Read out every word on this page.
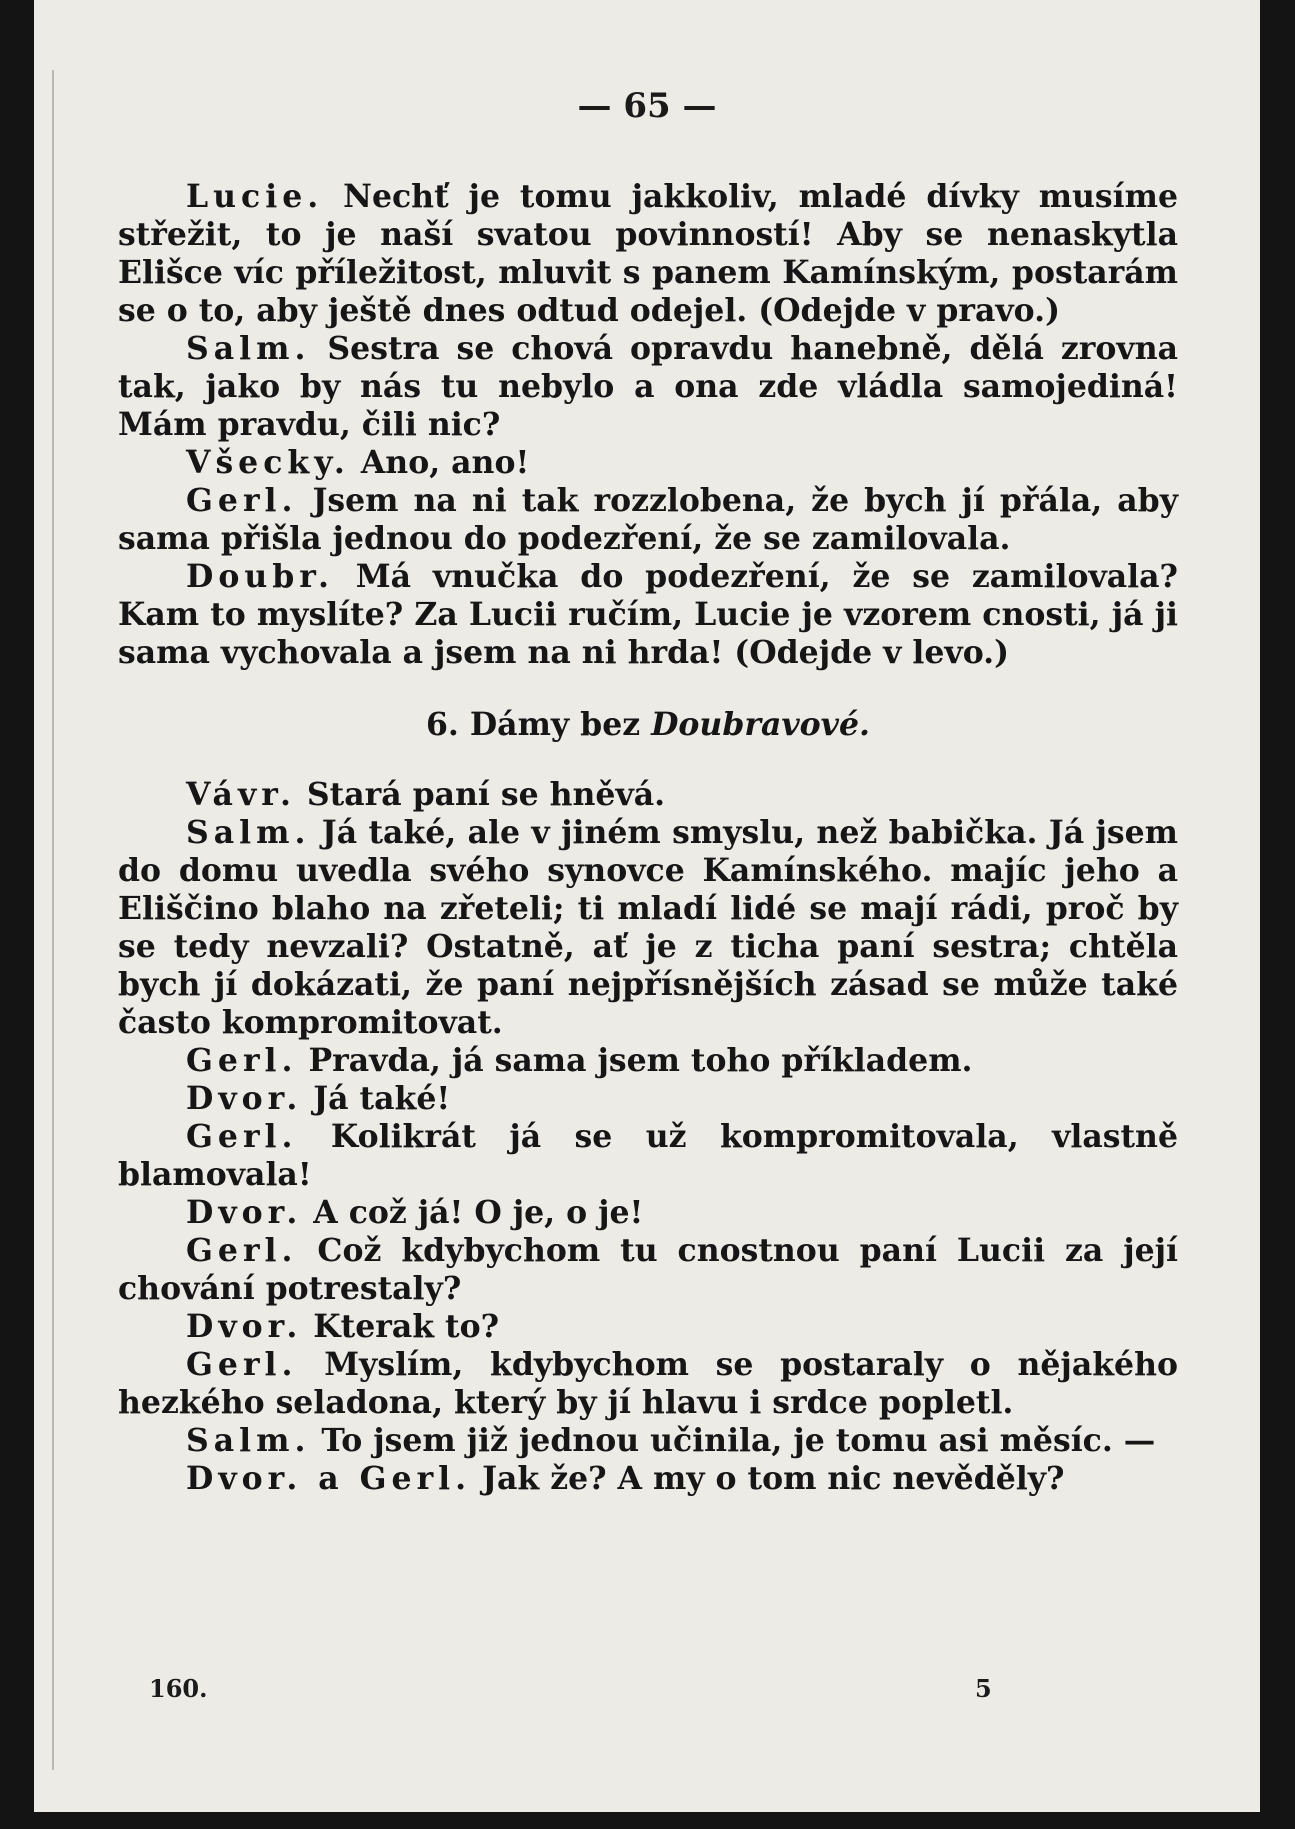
— 65 —

Lucie. Nechť je tomu jakkoliv, mladé dívky musíme střežit, to je naší svatou povinností! Aby se nenaskytla Elišce víc příležitost, mluvit s panem Kamínským, postarám se o to, aby ještě dnes odtud odejel. (Odejde v pravo.)

Salm. Sestra se chová opravdu hanebně, dělá zrovna tak, jako by nás tu nebylo a ona zde vládla samojediná! Mám pravdu, čili nic?

Všecky. Ano, ano!

Gerl. Jsem na ni tak rozzlobena, že bych jí přála, aby sama přišla jednou do podezření, že se zamilovala.

Doubr. Má vnučka do podezření, že se zamilovala? Kam to myslíte? Za Lucii ručím, Lucie je vzorem cnosti, já ji sama vychovala a jsem na ni hrda! (Odejde v levo.)

6. Dámy bez Doubravové.

Vávr. Stará paní se hněvá.

Salm. Já také, ale v jiném smyslu, než babička. Já jsem do domu uvedla svého synovce Kamínského. majíc jeho a Eliščino blaho na zřeteli; ti mladí lidé se mají rádi, proč by se tedy nevzali? Ostatně, ať je z ticha paní sestra; chtěla bych jí dokázati, že paní nejpřísnějších zásad se může také často kompromitovat.

Gerl. Pravda, já sama jsem toho příkladem.

Dvor. Já také!

Gerl. Kolikrát já se už kompromitovala, vlastně blamovala!

Dvor. A což já! O je, o je!

Gerl. Což kdybychom tu cnostnou paní Lucii za její chování potrestaly?

Dvor. Kterak to?

Gerl. Myslím, kdybychom se postaraly o nějakého hezkého seladona, který by jí hlavu i srdce popletl.

Salm. To jsem již jednou učinila, je tomu asi měsíc. —

Dvor. a Gerl. Jak že? A my o tom nic nevěděly?

160.	5
